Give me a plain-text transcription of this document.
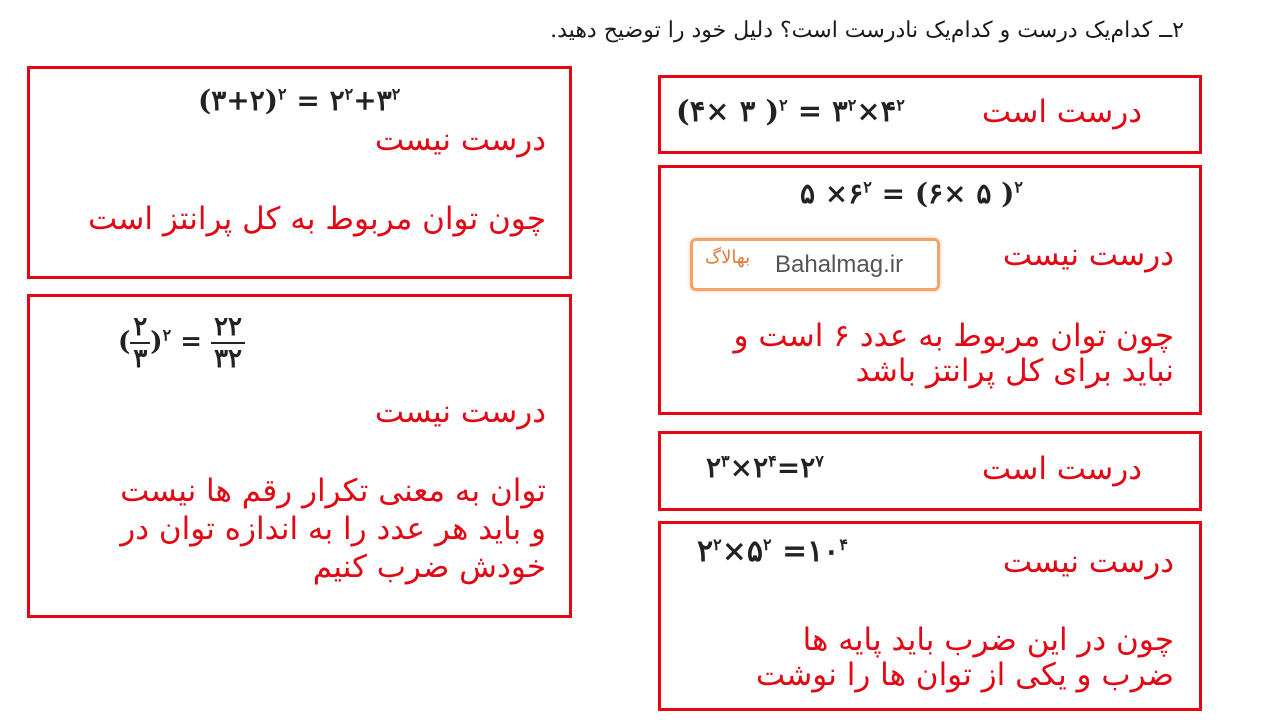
۲ــ کدام‌یک درست و کدام‌یک نادرست است؟ دلیل خود را توضیح دهید.
(۳+۲)$^۲$ = $۲^۲+۳^۲$
درست نیست
چون توان مربوط به کل پرانتز است
( $\frac{۲}{۳} )^۲ = \frac{۲۲}{۳۲}$
درست نیست
توان به معنی تکرار رقم ها نیست
و باید هر عدد را به اندازه توان در
خودش ضرب کنیم
(۴× ۳ )$^۲ = ۳^۲\times ۴^۲$ درست است
۵ $\times ۶^۲$ = (۶× ۵ )$^۲$
درست نیست
بهالاگ Bahalmag.ir
چون توان مربوط به عدد ۶ است و
نباید برای کل پرانتز باشد
$۲^۳\times ۲^۴=۲^۷$	درست است
$۲^۲\times ۵^۲$ $=۱۰^۴$	درست نیست
چون در این ضرب باید پایه ها
ضرب و یکی از توان ها را نوشت
